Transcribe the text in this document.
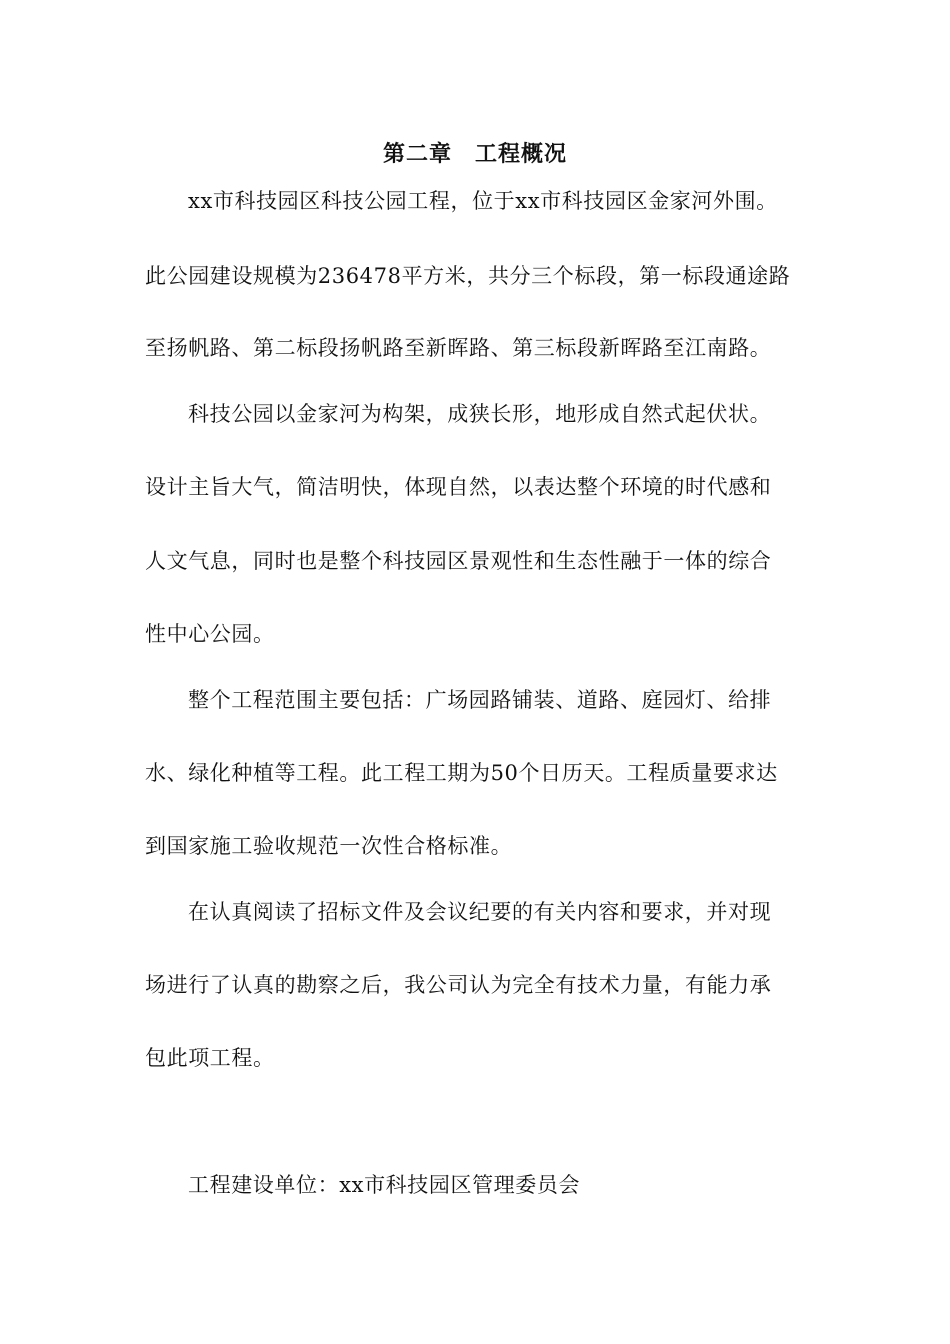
第二章　工程概况
xx市科技园区科技公园工程，位于xx市科技园区金家河外围。
此公园建设规模为236478平方米，共分三个标段，第一标段通途路
至扬帆路、第二标段扬帆路至新晖路、第三标段新晖路至江南路。
科技公园以金家河为构架，成狭长形，地形成自然式起伏状。
设计主旨大气，简洁明快，体现自然，以表达整个环境的时代感和
人文气息，同时也是整个科技园区景观性和生态性融于一体的综合
性中心公园。
整个工程范围主要包括：广场园路铺装、道路、庭园灯、给排
水、绿化种植等工程。此工程工期为50个日历天。工程质量要求达
到国家施工验收规范一次性合格标准。
在认真阅读了招标文件及会议纪要的有关内容和要求，并对现
场进行了认真的勘察之后，我公司认为完全有技术力量，有能力承
包此项工程。
工程建设单位：xx市科技园区管理委员会
